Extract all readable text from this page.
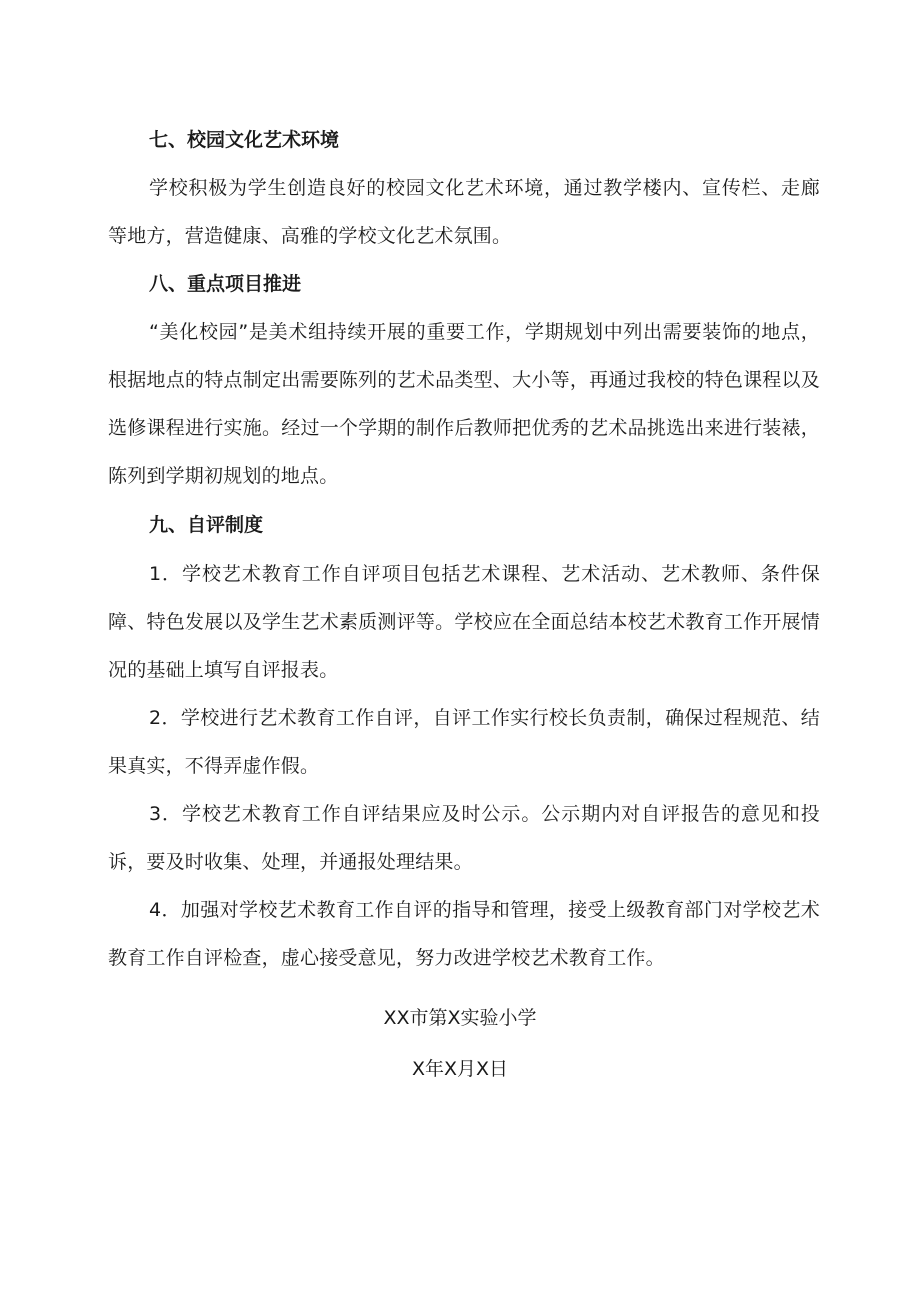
七、校园文化艺术环境

学校积极为学生创造良好的校园文化艺术环境，通过教学楼内、宣传栏、走廊等地方，营造健康、高雅的学校文化艺术氛围。

八、重点项目推进

“美化校园”是美术组持续开展的重要工作，学期规划中列出需要装饰的地点，根据地点的特点制定出需要陈列的艺术品类型、大小等，再通过我校的特色课程以及选修课程进行实施。经过一个学期的制作后教师把优秀的艺术品挑选出来进行装裱，陈列到学期初规划的地点。

九、自评制度

1．学校艺术教育工作自评项目包括艺术课程、艺术活动、艺术教师、条件保障、特色发展以及学生艺术素质测评等。学校应在全面总结本校艺术教育工作开展情况的基础上填写自评报表。

2．学校进行艺术教育工作自评，自评工作实行校长负责制，确保过程规范、结果真实，不得弄虚作假。

3．学校艺术教育工作自评结果应及时公示。公示期内对自评报告的意见和投诉，要及时收集、处理，并通报处理结果。

4．加强对学校艺术教育工作自评的指导和管理，接受上级教育部门对学校艺术教育工作自评检查，虚心接受意见，努力改进学校艺术教育工作。

XX市第X实验小学
X年X月X日
